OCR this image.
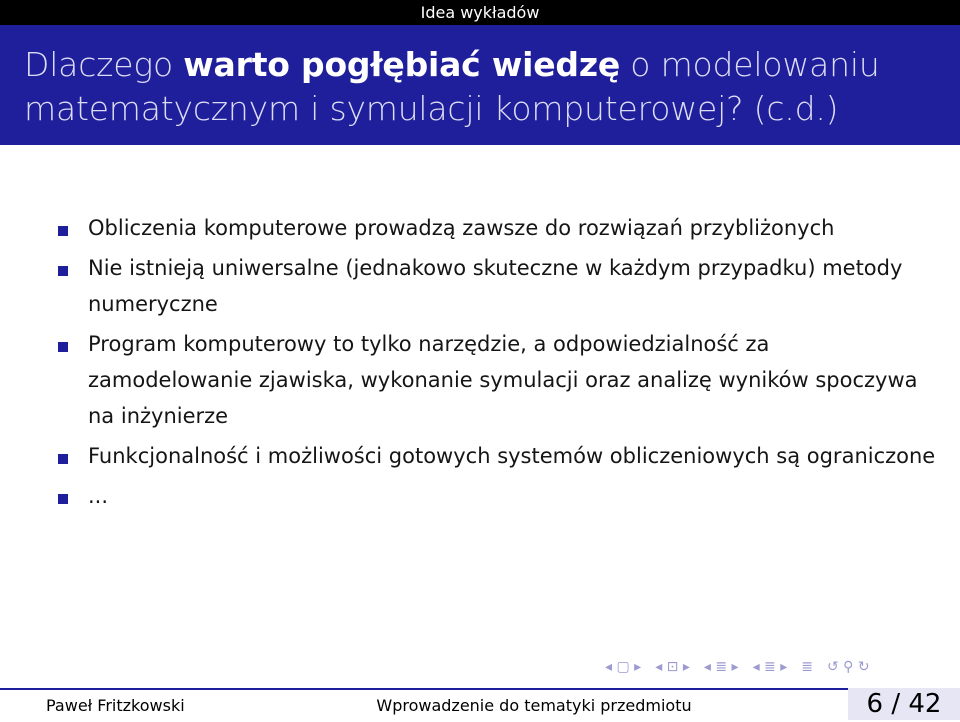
Idea wykładów
Dlaczego warto pogłębiać wiedzę o modelowaniu matematycznym i symulacji komputerowej? (c.d.)
Obliczenia komputerowe prowadzą zawsze do rozwiązań przybliżonych
Nie istnieją uniwersalne (jednakowo skuteczne w każdym przypadku) metody numeryczne
Program komputerowy to tylko narzędzie, a odpowiedzialność za zamodelowanie zjawiska, wykonanie symulacji oraz analizę wyników spoczywa na inżynierze
Funkcjonalność i możliwości gotowych systemów obliczeniowych są ograniczone
...
◂ ▢ ▸ ◂ ⊡ ▸ ◂ ≣ ▸ ◂ ≣ ▸ ≣ ↺ ⚲ ↻
Paweł Fritzkowski	Wprowadzenie do tematyki przedmiotu	6 / 42
